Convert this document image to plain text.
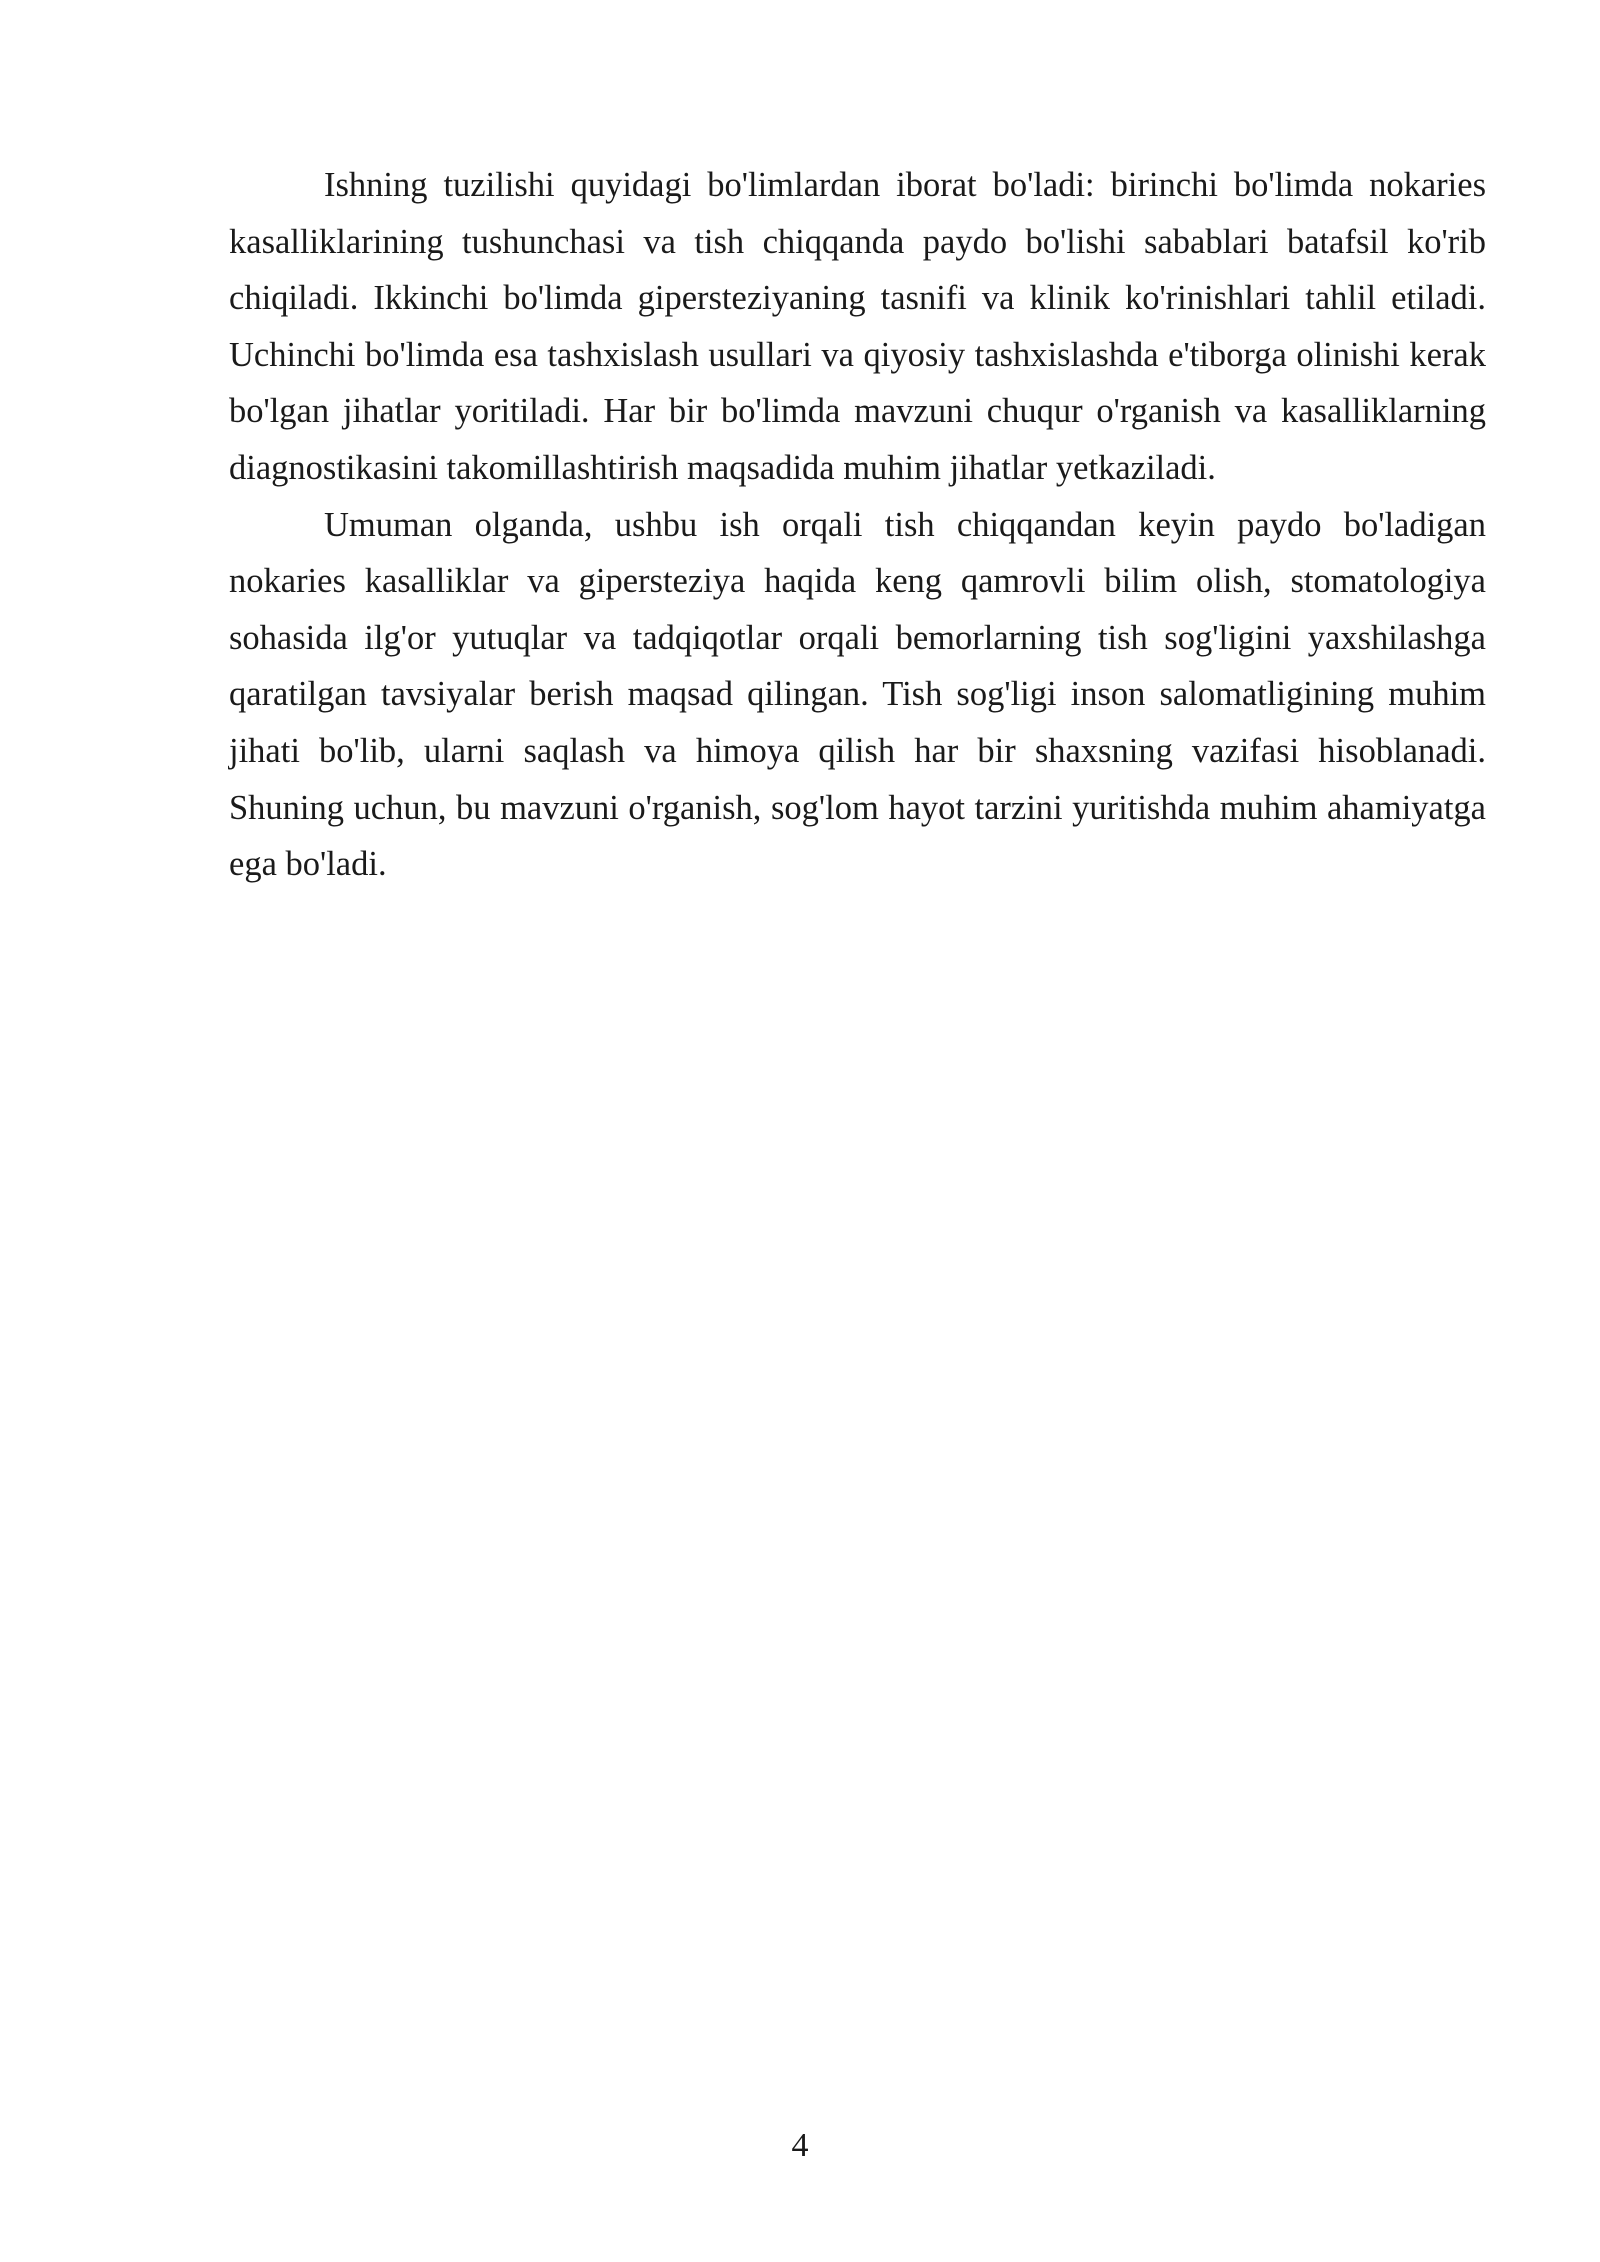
Ishning tuzilishi quyidagi bo'limlardan iborat bo'ladi: birinchi bo'limda nokaries kasalliklarining tushunchasi va tish chiqqanda paydo bo'lishi sabablari batafsil ko'rib chiqiladi. Ikkinchi bo'limda gipersteziyaning tasnifi va klinik ko'rinishlari tahlil etiladi. Uchinchi bo'limda esa tashxislash usullari va qiyosiy tashxislashda e'tiborga olinishi kerak bo'lgan jihatlar yoritiladi. Har bir bo'limda mavzuni chuqur o'rganish va kasalliklarning diagnostikasini takomillashtirish maqsadida muhim jihatlar yetkaziladi.

Umuman olganda, ushbu ish orqali tish chiqqandan keyin paydo bo'ladigan nokaries kasalliklar va gipersteziya haqida keng qamrovli bilim olish, stomatologiya sohasida ilg'or yutuqlar va tadqiqotlar orqali bemorlarning tish sog'ligini yaxshilashga qaratilgan tavsiyalar berish maqsad qilingan. Tish sog'ligi inson salomatligining muhim jihati bo'lib, ularni saqlash va himoya qilish har bir shaxsning vazifasi hisoblanadi. Shuning uchun, bu mavzuni o'rganish, sog'lom hayot tarzini yuritishda muhim ahamiyatga ega bo'ladi.

4
